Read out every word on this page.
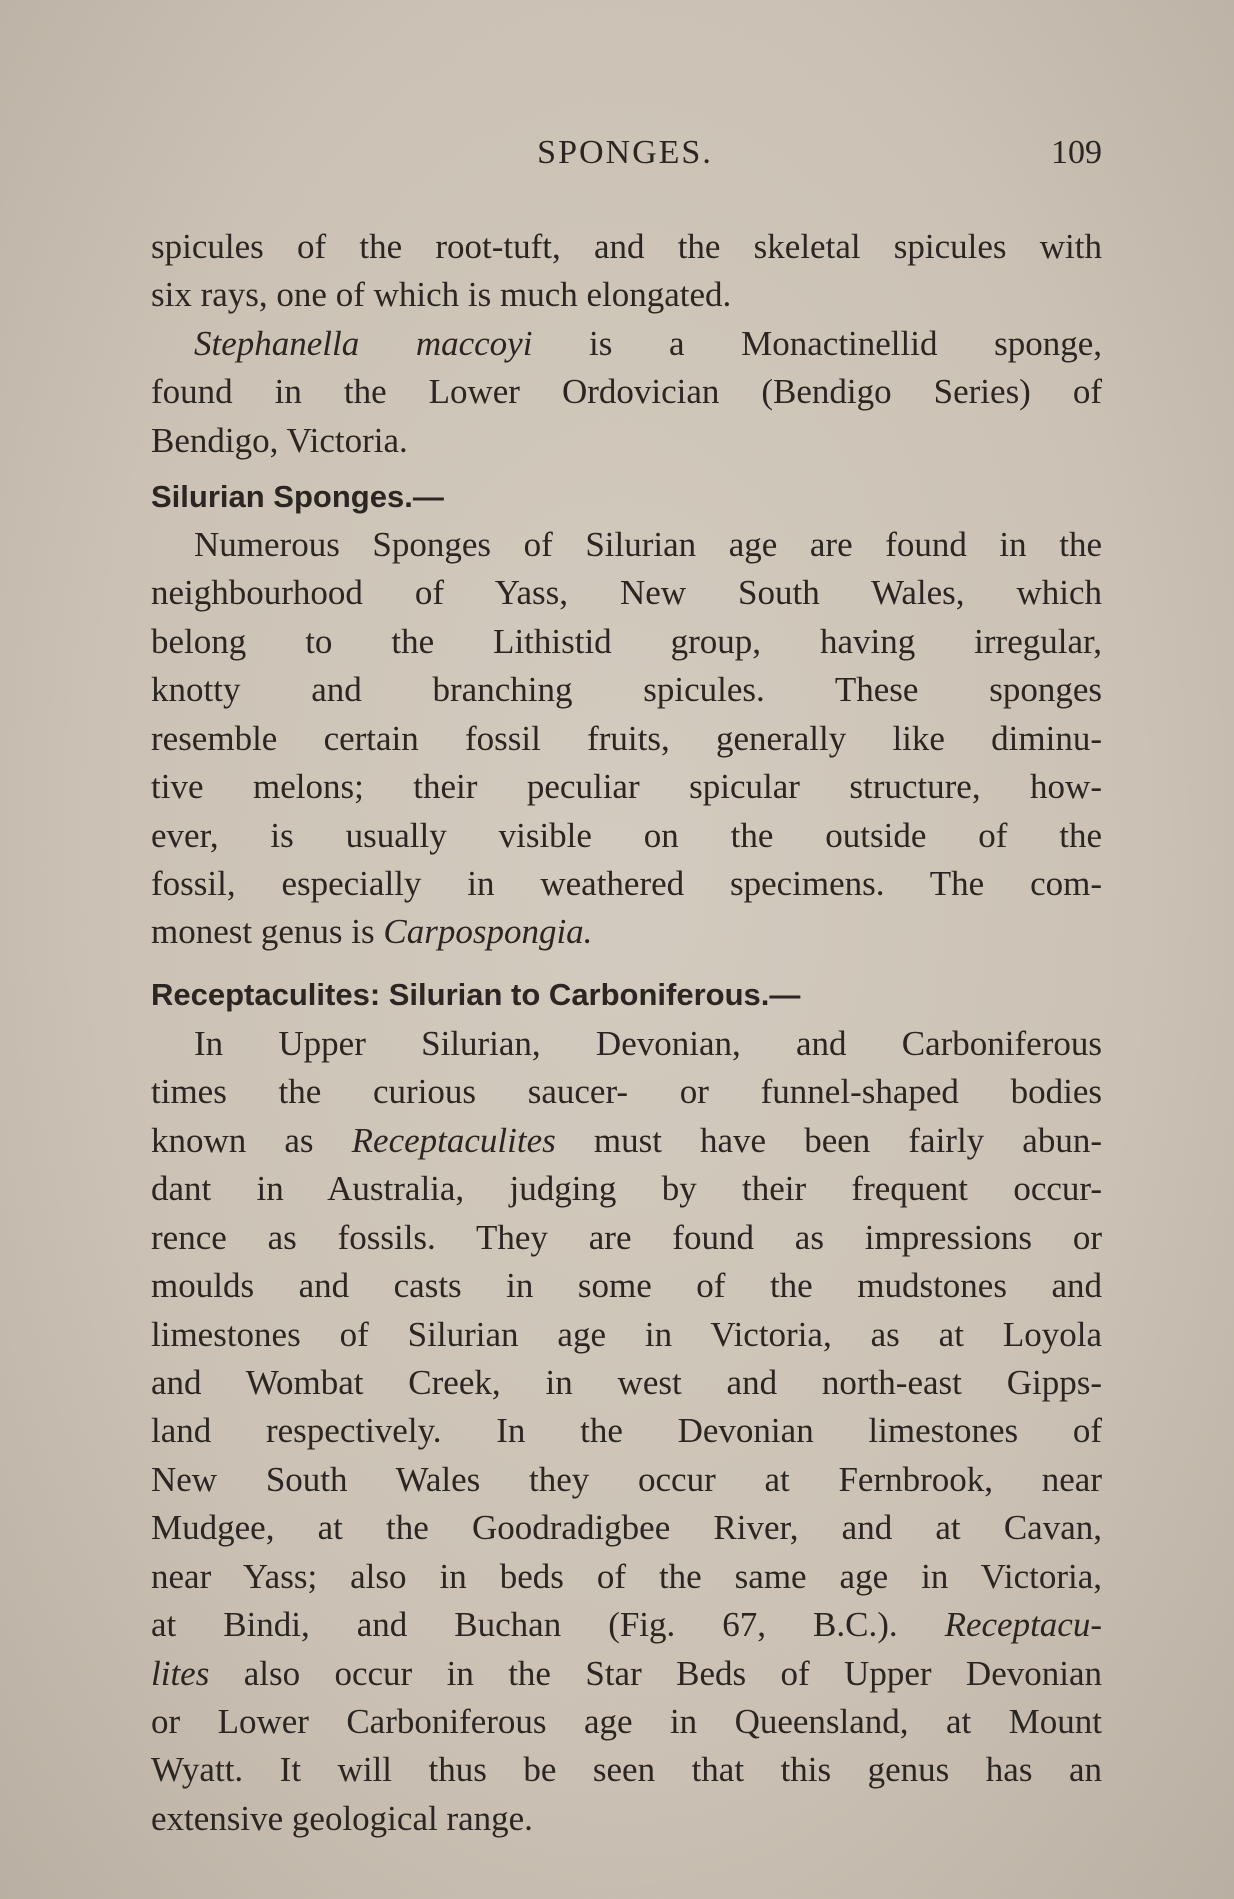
SPONGES.	109
spicules of the root-tuft, and the skeletal spicules with
six rays, one of which is much elongated.
Stephanella maccoyi is a Monactinellid sponge,
found in the Lower Ordovician (Bendigo Series) of
Bendigo, Victoria.
Silurian Sponges.—
Numerous Sponges of Silurian age are found in the
neighbourhood of Yass, New South Wales, which
belong to the Lithistid group, having irregular,
knotty and branching spicules. These sponges
resemble certain fossil fruits, generally like diminu-
tive melons; their peculiar spicular structure, how-
ever, is usually visible on the outside of the
fossil, especially in weathered specimens. The com-
monest genus is Carpospongia.
Receptaculites: Silurian to Carboniferous.—
In Upper Silurian, Devonian, and Carboniferous
times the curious saucer- or funnel-shaped bodies
known as Receptaculites must have been fairly abun-
dant in Australia, judging by their frequent occur-
rence as fossils. They are found as impressions or
moulds and casts in some of the mudstones and
limestones of Silurian age in Victoria, as at Loyola
and Wombat Creek, in west and north-east Gipps-
land respectively. In the Devonian limestones of
New South Wales they occur at Fernbrook, near
Mudgee, at the Goodradigbee River, and at Cavan,
near Yass; also in beds of the same age in Victoria,
at Bindi, and Buchan (Fig. 67, B.C.). Receptacu-
lites also occur in the Star Beds of Upper Devonian
or Lower Carboniferous age in Queensland, at Mount
Wyatt. It will thus be seen that this genus has an
extensive geological range.
